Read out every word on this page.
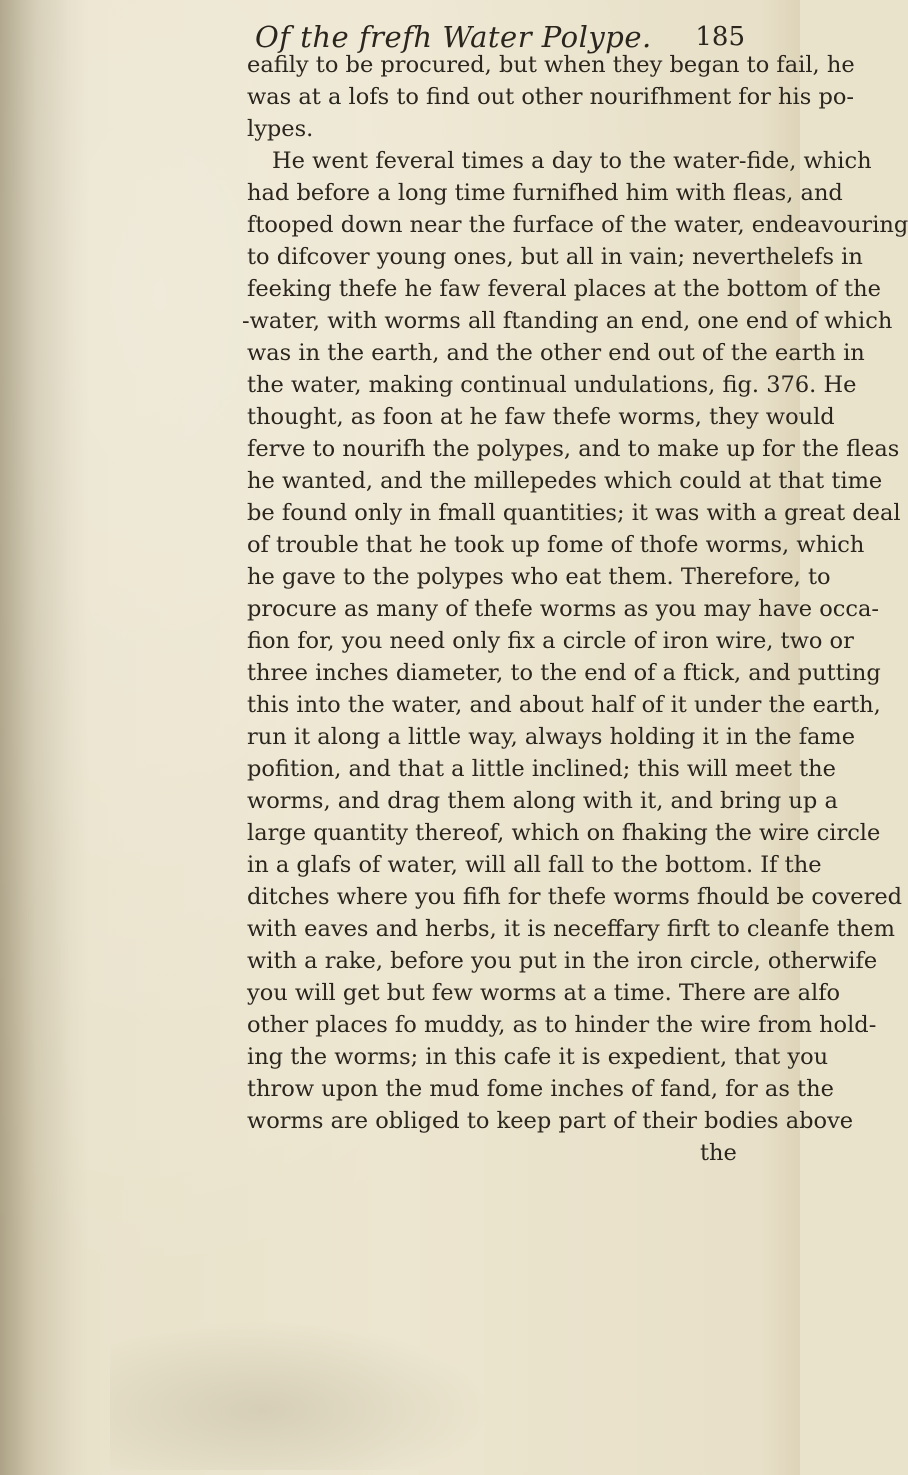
Of the frefh Water Polype. 185
eafily to be procured, but when they began to fail, he
was at a lofs to find out other nourifhment for his po-
lypes.
He went feveral times a day to the water-fide, which
had before a long time furnifhed him with fleas, and
ftooped down near the furface of the water, endeavouring
to difcover young ones, but all in vain; neverthelefs in
feeking thefe he faw feveral places at the bottom of the
-water, with worms all ftanding an end, one end of which
was in the earth, and the other end out of the earth in
the water, making continual undulations, fig. 376. He
thought, as foon at he faw thefe worms, they would
ferve to nourifh the polypes, and to make up for the fleas
he wanted, and the millepedes which could at that time
be found only in fmall quantities; it was with a great deal
of trouble that he took up fome of thofe worms, which
he gave to the polypes who eat them. Therefore, to
procure as many of thefe worms as you may have occa-
fion for, you need only fix a circle of iron wire, two or
three inches diameter, to the end of a ftick, and putting
this into the water, and about half of it under the earth,
run it along a little way, always holding it in the fame
pofition, and that a little inclined; this will meet the
worms, and drag them along with it, and bring up a
large quantity thereof, which on fhaking the wire circle
in a glafs of water, will all fall to the bottom. If the
ditches where you fifh for thefe worms fhould be covered
with eaves and herbs, it is neceffary firft to cleanfe them
with a rake, before you put in the iron circle, otherwife
you will get but few worms at a time. There are alfo
other places fo muddy, as to hinder the wire from hold-
ing the worms; in this cafe it is expedient, that you
throw upon the mud fome inches of fand, for as the
worms are obliged to keep part of their bodies above
the
